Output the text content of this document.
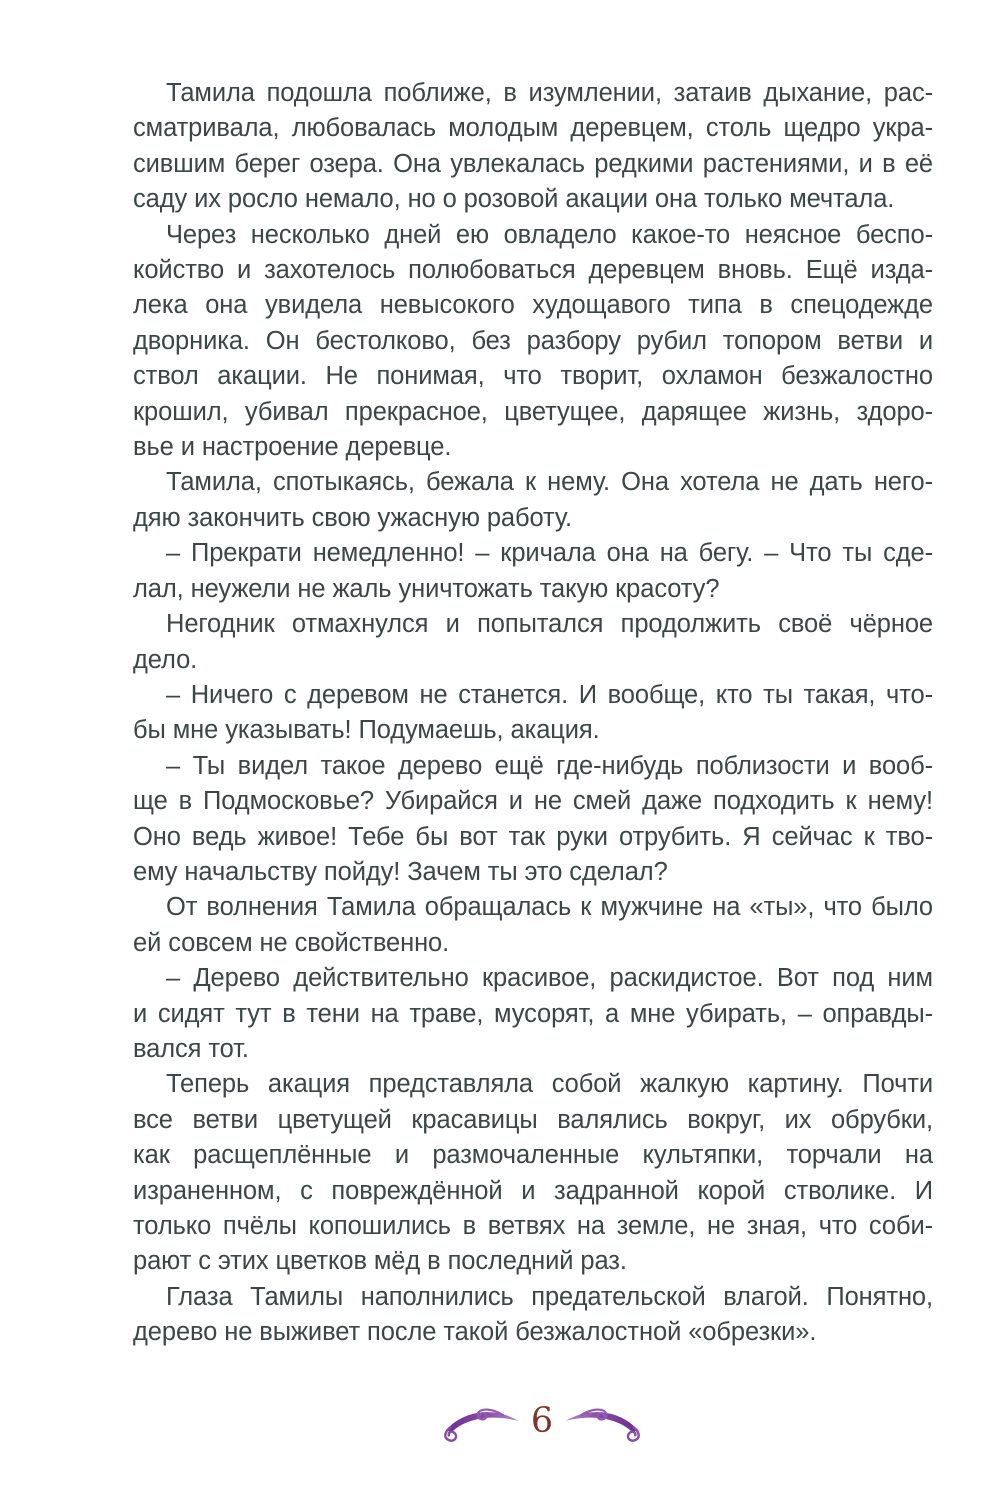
Тамила подошла поближе, в изумлении, затаив дыхание, рас-
сматривала, любовалась молодым деревцем, столь щедро укра-
сившим берег озера. Она увлекалась редкими растениями, и в её
саду их росло немало, но о розовой акации она только мечтала.
Через несколько дней ею овладело какое-то неясное беспо-
койство и захотелось полюбоваться деревцем вновь. Ещё изда-
лека она увидела невысокого худощавого типа в спецодежде
дворника. Он бестолково, без разбору рубил топором ветви и
ствол акации. Не понимая, что творит, охламон безжалостно
крошил, убивал прекрасное, цветущее, дарящее жизнь, здоро-
вье и настроение деревце.
Тамила, спотыкаясь, бежала к нему. Она хотела не дать него-
дяю закончить свою ужасную работу.
– Прекрати немедленно! – кричала она на бегу. – Что ты сде-
лал, неужели не жаль уничтожать такую красоту?
Негодник отмахнулся и попытался продолжить своё чёрное
дело.
– Ничего с деревом не станется. И вообще, кто ты такая, что-
бы мне указывать! Подумаешь, акация.
– Ты видел такое дерево ещё где-нибудь поблизости и вооб-
ще в Подмосковье? Убирайся и не смей даже подходить к нему!
Оно ведь живое! Тебе бы вот так руки отрубить. Я сейчас к тво-
ему начальству пойду! Зачем ты это сделал?
От волнения Тамила обращалась к мужчине на «ты», что было
ей совсем не свойственно.
– Дерево действительно красивое, раскидистое. Вот под ним
и сидят тут в тени на траве, мусорят, а мне убирать, – оправды-
вался тот.
Теперь акация представляла собой жалкую картину. Почти
все ветви цветущей красавицы валялись вокруг, их обрубки,
как расщеплённые и размочаленные культяпки, торчали на
израненном, с повреждённой и задранной корой стволике. И
только пчёлы копошились в ветвях на земле, не зная, что соби-
рают с этих цветков мёд в последний раз.
Глаза Тамилы наполнились предательской влагой. Понятно,
дерево не выживет после такой безжалостной «обрезки».
6
